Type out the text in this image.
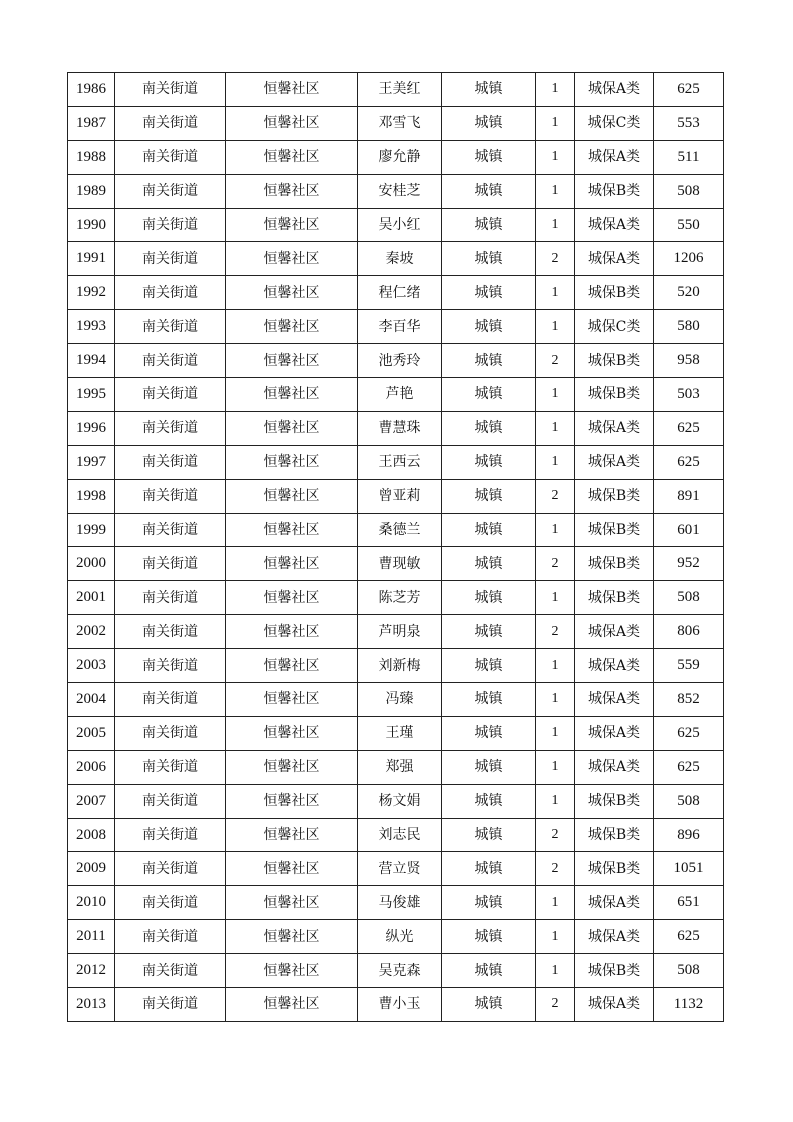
1986	南关街道	恒馨社区	王美红	城镇	1	城保A类	625
1987	南关街道	恒馨社区	邓雪飞	城镇	1	城保C类	553
1988	南关街道	恒馨社区	廖允静	城镇	1	城保A类	511
1989	南关街道	恒馨社区	安桂芝	城镇	1	城保B类	508
1990	南关街道	恒馨社区	吴小红	城镇	1	城保A类	550
1991	南关街道	恒馨社区	秦坡	城镇	2	城保A类	1206
1992	南关街道	恒馨社区	程仁绪	城镇	1	城保B类	520
1993	南关街道	恒馨社区	李百华	城镇	1	城保C类	580
1994	南关街道	恒馨社区	池秀玲	城镇	2	城保B类	958
1995	南关街道	恒馨社区	芦艳	城镇	1	城保B类	503
1996	南关街道	恒馨社区	曹慧珠	城镇	1	城保A类	625
1997	南关街道	恒馨社区	王西云	城镇	1	城保A类	625
1998	南关街道	恒馨社区	曾亚莉	城镇	2	城保B类	891
1999	南关街道	恒馨社区	桑德兰	城镇	1	城保B类	601
2000	南关街道	恒馨社区	曹现敏	城镇	2	城保B类	952
2001	南关街道	恒馨社区	陈芝芳	城镇	1	城保B类	508
2002	南关街道	恒馨社区	芦明泉	城镇	2	城保A类	806
2003	南关街道	恒馨社区	刘新梅	城镇	1	城保A类	559
2004	南关街道	恒馨社区	冯臻	城镇	1	城保A类	852
2005	南关街道	恒馨社区	王瑾	城镇	1	城保A类	625
2006	南关街道	恒馨社区	郑强	城镇	1	城保A类	625
2007	南关街道	恒馨社区	杨文娟	城镇	1	城保B类	508
2008	南关街道	恒馨社区	刘志民	城镇	2	城保B类	896
2009	南关街道	恒馨社区	营立贤	城镇	2	城保B类	1051
2010	南关街道	恒馨社区	马俊雄	城镇	1	城保A类	651
2011	南关街道	恒馨社区	纵光	城镇	1	城保A类	625
2012	南关街道	恒馨社区	吴克森	城镇	1	城保B类	508
2013	南关街道	恒馨社区	曹小玉	城镇	2	城保A类	1132
